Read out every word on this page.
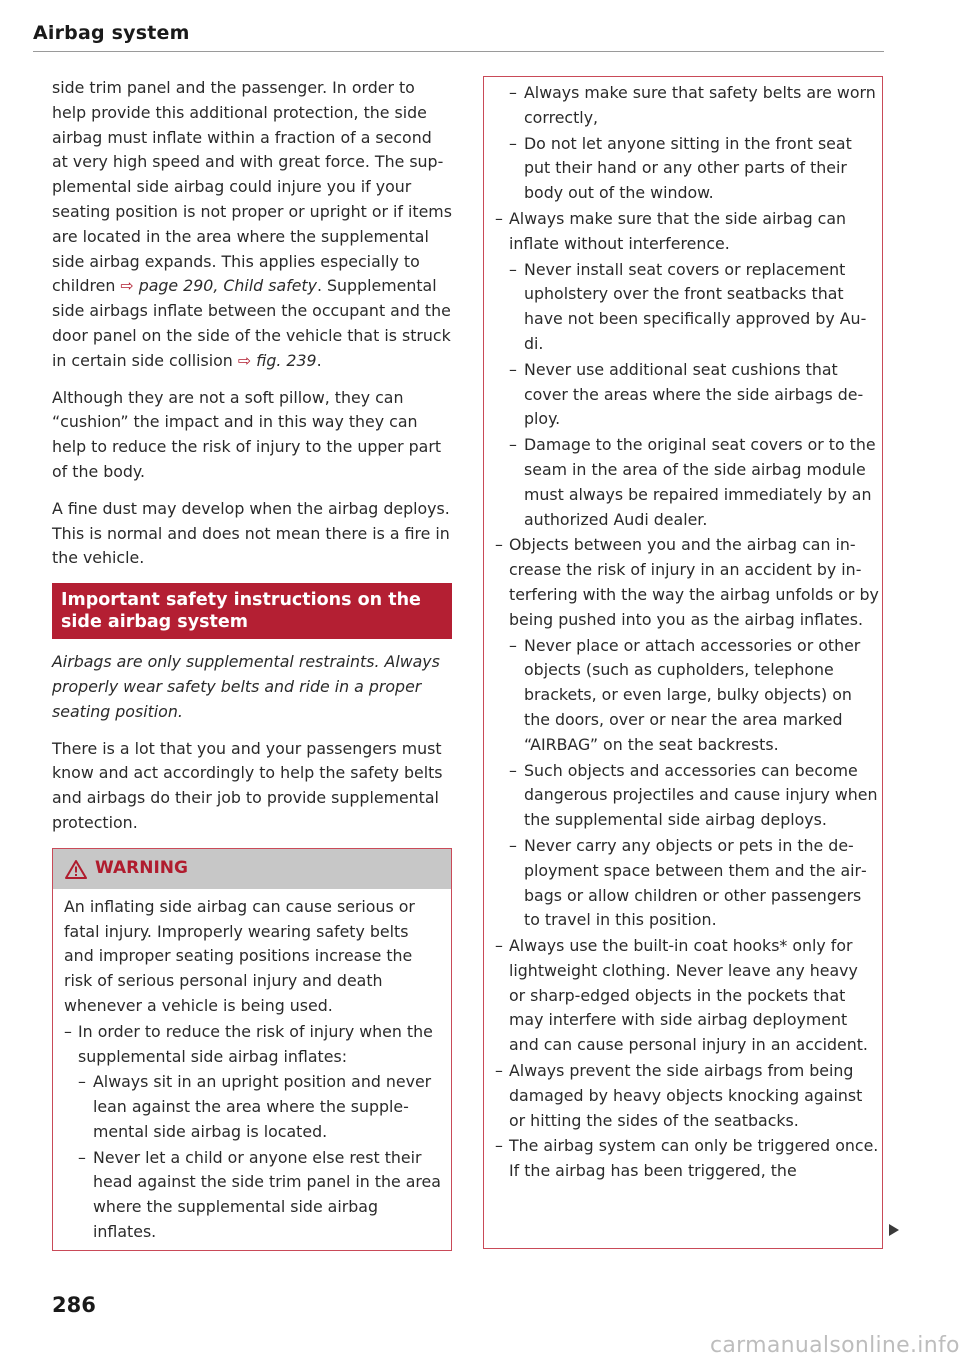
Airbag system

side trim panel and the passenger. In order to help provide this additional protection, the side airbag must inflate within a fraction of a second at very high speed and with great force. The supplemental side airbag could injure you if your seating position is not proper or upright or if items are located in the area where the supplemental side airbag expands. This applies especially to children ⇨ page 290, Child safety. Supplemental side airbags inflate between the occupant and the door panel on the side of the vehicle that is struck in certain side collision ⇨ fig. 239.

Although they are not a soft pillow, they can “cushion” the impact and in this way they can help to reduce the risk of injury to the upper part of the body.

A fine dust may develop when the airbag deploys. This is normal and does not mean there is a fire in the vehicle.

Important safety instructions on the side airbag system

Airbags are only supplemental restraints. Always properly wear safety belts and ride in a proper seating position.

There is a lot that you and your passengers must know and act accordingly to help the safety belts and airbags do their job to provide supplemental protection.

WARNING

An inflating side airbag can cause serious or fatal injury. Improperly wearing safety belts and improper seating positions increase the risk of serious personal injury and death whenever a vehicle is being used.

– In order to reduce the risk of injury when the supplemental side airbag inflates:
– Always sit in an upright position and never lean against the area where the supplemental side airbag is located.
– Never let a child or anyone else rest their head against the side trim panel in the area where the supplemental side airbag inflates.
– Always make sure that safety belts are worn correctly,
– Do not let anyone sitting in the front seat put their hand or any other parts of their body out of the window.
– Always make sure that the side airbag can inflate without interference.
– Never install seat covers or replacement upholstery over the front seatbacks that have not been specifically approved by Audi.
– Never use additional seat cushions that cover the areas where the side airbags deploy.
– Damage to the original seat covers or to the seam in the area of the side airbag module must always be repaired immediately by an authorized Audi dealer.
– Objects between you and the airbag can increase the risk of injury in an accident by interfering with the way the airbag unfolds or by being pushed into you as the airbag inflates.
– Never place or attach accessories or other objects (such as cupholders, telephone brackets, or even large, bulky objects) on the doors, over or near the area marked “AIRBAG” on the seat backrests.
– Such objects and accessories can become dangerous projectiles and cause injury when the supplemental side airbag deploys.
– Never carry any objects or pets in the deployment space between them and the airbags or allow children or other passengers to travel in this position.
– Always use the built-in coat hooks* only for lightweight clothing. Never leave any heavy or sharp-edged objects in the pockets that may interfere with side airbag deployment and can cause personal injury in an accident.
– Always prevent the side airbags from being damaged by heavy objects knocking against or hitting the sides of the seatbacks.
– The airbag system can only be triggered once. If the airbag has been triggered, the
286
carmanualsonline.info
